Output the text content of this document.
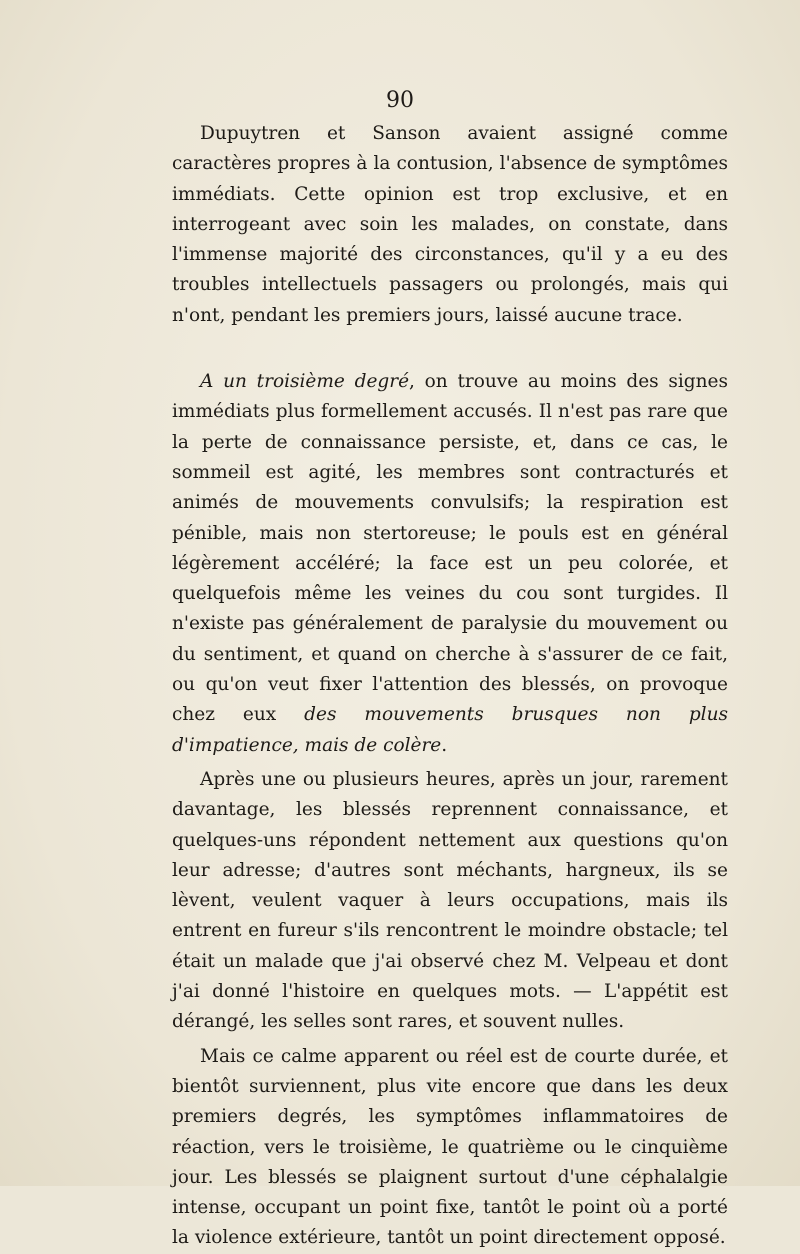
90

Dupuytren et Sanson avaient assigné comme caractères propres à la contusion, l'absence de symptômes immédiats. Cette opinion est trop exclusive, et en interrogeant avec soin les malades, on constate, dans l'immense majorité des circonstances, qu'il y a eu des troubles intellectuels passagers ou prolongés, mais qui n'ont, pendant les premiers jours, laissé aucune trace.

A un troisième degré, on trouve au moins des signes immédiats plus formellement accusés. Il n'est pas rare que la perte de connaissance persiste, et, dans ce cas, le sommeil est agité, les membres sont contracturés et animés de mouvements convulsifs; la respiration est pénible, mais non stertoreuse; le pouls est en général légèrement accéléré; la face est un peu colorée, et quelquefois même les veines du cou sont turgides. Il n'existe pas généralement de paralysie du mouvement ou du sentiment, et quand on cherche à s'assurer de ce fait, ou qu'on veut fixer l'attention des blessés, on provoque chez eux des mouvements brusques non plus d'impatience, mais de colère.

Après une ou plusieurs heures, après un jour, rarement davantage, les blessés reprennent connaissance, et quelques-uns répondent nettement aux questions qu'on leur adresse; d'autres sont méchants, hargneux, ils se lèvent, veulent vaquer à leurs occupations, mais ils entrent en fureur s'ils rencontrent le moindre obstacle; tel était un malade que j'ai observé chez M. Velpeau et dont j'ai donné l'histoire en quelques mots. — L'appétit est dérangé, les selles sont rares, et souvent nulles.

Mais ce calme apparent ou réel est de courte durée, et bientôt surviennent, plus vite encore que dans les deux premiers degrés, les symptômes inflammatoires de réaction, vers le troisième, le quatrième ou le cinquième jour. Les blessés se plaignent surtout d'une céphalalgie intense, occupant un point fixe, tantôt le point où a porté la violence extérieure, tantôt un point directement opposé.
